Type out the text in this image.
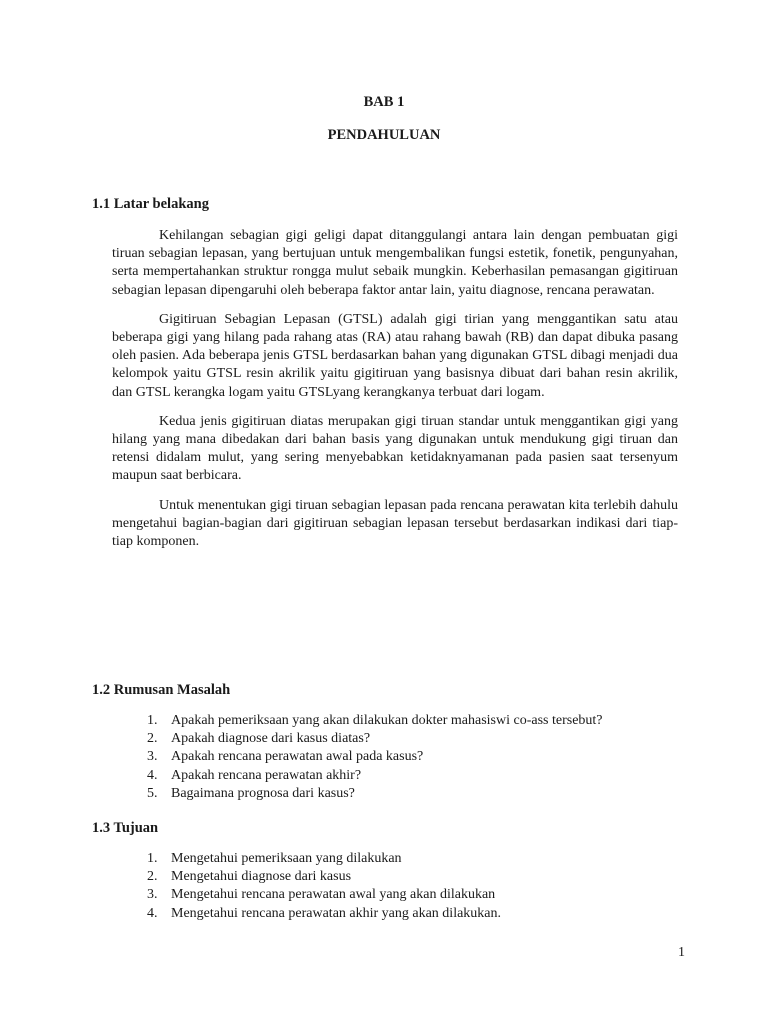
BAB 1
PENDAHULUAN
1.1 Latar belakang

Kehilangan sebagian gigi geligi dapat ditanggulangi antara lain dengan pembuatan gigi tiruan sebagian lepasan, yang bertujuan untuk mengembalikan fungsi estetik, fonetik, pengunyahan, serta mempertahankan struktur rongga mulut sebaik mungkin. Keberhasilan pemasangan gigitiruan sebagian lepasan dipengaruhi oleh beberapa faktor antar lain, yaitu diagnose, rencana perawatan.

Gigitiruan Sebagian Lepasan (GTSL) adalah gigi tirian yang menggantikan satu atau beberapa gigi yang hilang pada rahang atas (RA) atau rahang bawah (RB) dan dapat dibuka pasang oleh pasien. Ada beberapa jenis GTSL berdasarkan bahan yang digunakan GTSL dibagi menjadi dua kelompok yaitu GTSL resin akrilik yaitu gigitiruan yang basisnya dibuat dari bahan resin akrilik, dan GTSL kerangka logam yaitu GTSLyang kerangkanya terbuat dari logam.

Kedua jenis gigitiruan diatas merupakan gigi tiruan standar untuk menggantikan gigi yang hilang yang mana dibedakan dari bahan basis yang digunakan untuk mendukung gigi tiruan dan retensi didalam mulut, yang sering menyebabkan ketidaknyamanan pada pasien saat tersenyum maupun saat berbicara.

Untuk menentukan gigi tiruan sebagian lepasan pada rencana perawatan kita terlebih dahulu mengetahui bagian-bagian dari gigitiruan sebagian lepasan tersebut berdasarkan indikasi dari tiap-tiap komponen.

1.2 Rumusan Masalah
1. Apakah pemeriksaan yang akan dilakukan dokter mahasiswi co-ass tersebut?
2. Apakah diagnose dari kasus diatas?
3. Apakah rencana perawatan awal pada kasus?
4. Apakah rencana perawatan akhir?
5. Bagaimana prognosa dari kasus?
1.3 Tujuan
1. Mengetahui pemeriksaan yang dilakukan
2. Mengetahui diagnose dari kasus
3. Mengetahui rencana perawatan awal yang akan dilakukan
4. Mengetahui rencana perawatan akhir yang akan dilakukan.
1
